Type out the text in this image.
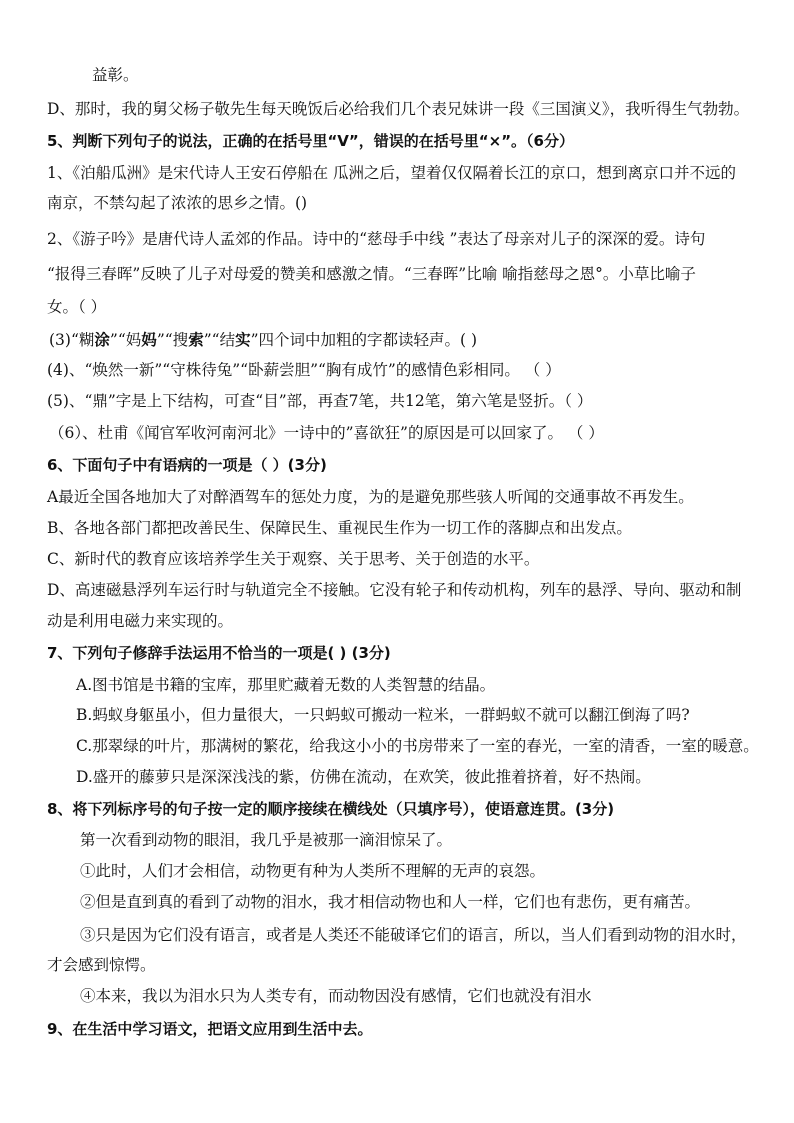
益彰。
D、那时，我的舅父杨子敬先生每天晚饭后必给我们几个表兄妹讲一段《三国演义》，我听得生气勃勃。
5、判断下列句子的说法，正确的在括号里“V”，错误的在括号里“×”。（6分）
1、《泊船瓜洲》是宋代诗人王安石停船在 瓜洲之后，望着仅仅隔着长江的京口，想到离京口并不远的
南京，不禁勾起了浓浓的思乡之情。()
2、《游子吟》是唐代诗人孟郊的作品。诗中的“慈母手中线 ”表达了母亲对儿子的深深的爱。诗句
“报得三春晖”反映了儿子对母爱的赞美和感激之情。“三春晖”比喻 喻指慈母之恩°。小草比喻子
女。（ ）
(3)“糊涂”“妈妈”“搜索”“结实”四个词中加粗的字都读轻声。( )
(4)、“焕然一新”“守株待兔”“卧薪尝胆”“胸有成竹”的感情色彩相同。 （ ）
(5)、“鼎”字是上下结构，可查“目”部，再查7笔，共12笔，第六笔是竖折。（ ）
（6）、杜甫《闻官军收河南河北》一诗中的”喜欲狂”的原因是可以回家了。 （ ）
6、下面句子中有语病的一项是（ ）(3分)
A最近全国各地加大了对醉酒驾车的惩处力度，为的是避免那些骇人听闻的交通事故不再发生。
B、各地各部门都把改善民生、保障民生、重视民生作为一切工作的落脚点和出发点。
C、新时代的教育应该培养学生关于观察、关于思考、关于创造的水平。
D、高速磁悬浮列车运行时与轨道完全不接触。它没有轮子和传动机构，列车的悬浮、导向、驱动和制
动是利用电磁力来实现的。
7、下列句子修辞手法运用不恰当的一项是( ) (3分)
A.图书馆是书籍的宝库，那里贮藏着无数的人类智慧的结晶。
B.蚂蚁身躯虽小，但力量很大，一只蚂蚁可搬动一粒米，一群蚂蚁不就可以翻江倒海了吗?
C.那翠绿的叶片，那满树的繁花，给我这小小的书房带来了一室的春光，一室的清香，一室的暖意。
D.盛开的藤萝只是深深浅浅的紫，仿佛在流动，在欢笑，彼此推着挤着，好不热闹。
8、将下列标序号的句子按一定的顺序接续在横线处（只填序号），使语意连贯。(3分)
第一次看到动物的眼泪，我几乎是被那一滴泪惊呆了。
①此时，人们才会相信，动物更有种为人类所不理解的无声的哀怨。
②但是直到真的看到了动物的泪水，我才相信动物也和人一样，它们也有悲伤，更有痛苦。
③只是因为它们没有语言，或者是人类还不能破译它们的语言，所以，当人们看到动物的泪水时，
才会感到惊愕。
④本来，我以为泪水只为人类专有，而动物因没有感情，它们也就没有泪水
9、在生活中学习语文，把语文应用到生活中去。
